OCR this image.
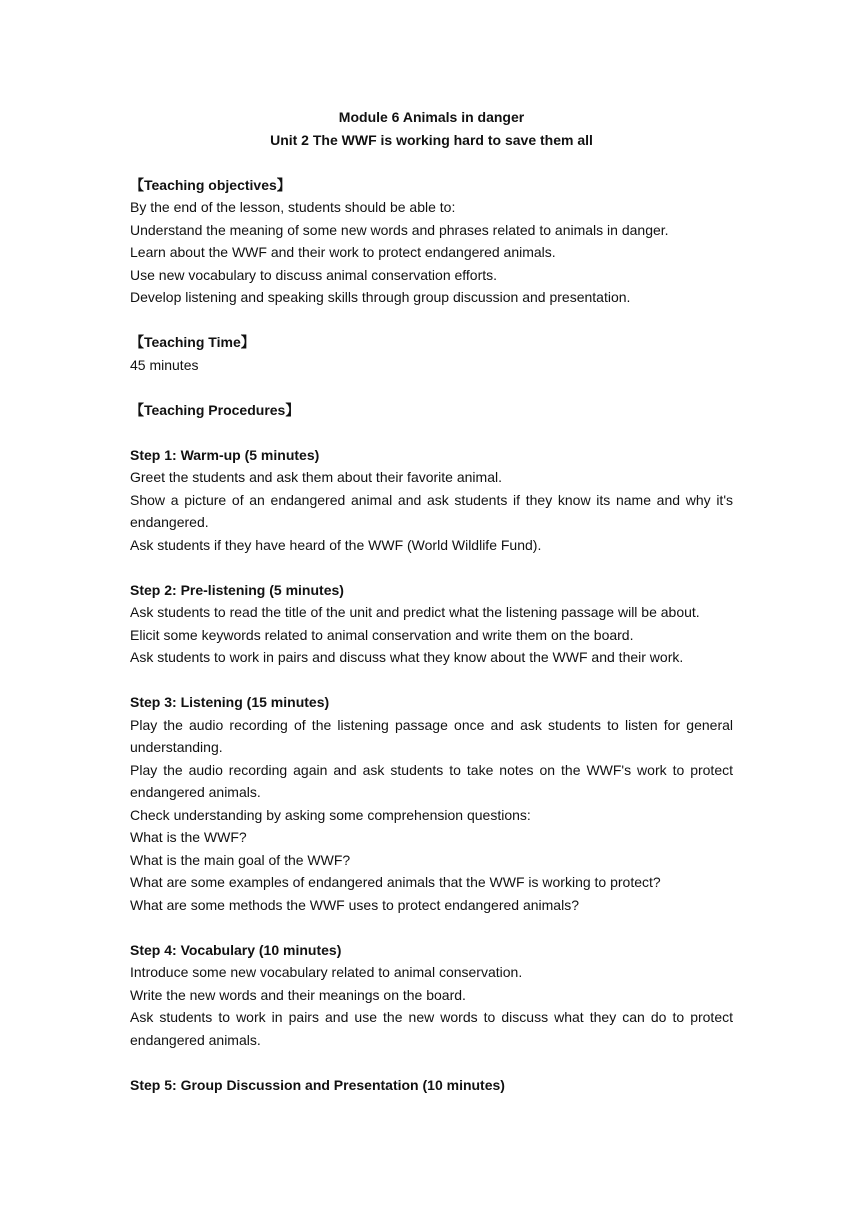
Module 6 Animals in danger

Unit 2 The WWF is working hard to save them all

【Teaching objectives】

By the end of the lesson, students should be able to:

Understand the meaning of some new words and phrases related to animals in danger.

Learn about the WWF and their work to protect endangered animals.

Use new vocabulary to discuss animal conservation efforts.

Develop listening and speaking skills through group discussion and presentation.

【Teaching Time】

45 minutes

【Teaching Procedures】

Step 1: Warm-up (5 minutes)

Greet the students and ask them about their favorite animal.

Show a picture of an endangered animal and ask students if they know its name and why it's endangered.

Ask students if they have heard of the WWF (World Wildlife Fund).

Step 2: Pre-listening (5 minutes)

Ask students to read the title of the unit and predict what the listening passage will be about.

Elicit some keywords related to animal conservation and write them on the board.

Ask students to work in pairs and discuss what they know about the WWF and their work.

Step 3: Listening (15 minutes)

Play the audio recording of the listening passage once and ask students to listen for general understanding.

Play the audio recording again and ask students to take notes on the WWF's work to protect endangered animals.

Check understanding by asking some comprehension questions:

What is the WWF?

What is the main goal of the WWF?

What are some examples of endangered animals that the WWF is working to protect?

What are some methods the WWF uses to protect endangered animals?

Step 4: Vocabulary (10 minutes)

Introduce some new vocabulary related to animal conservation.

Write the new words and their meanings on the board.

Ask students to work in pairs and use the new words to discuss what they can do to protect endangered animals.

Step 5: Group Discussion and Presentation (10 minutes)
